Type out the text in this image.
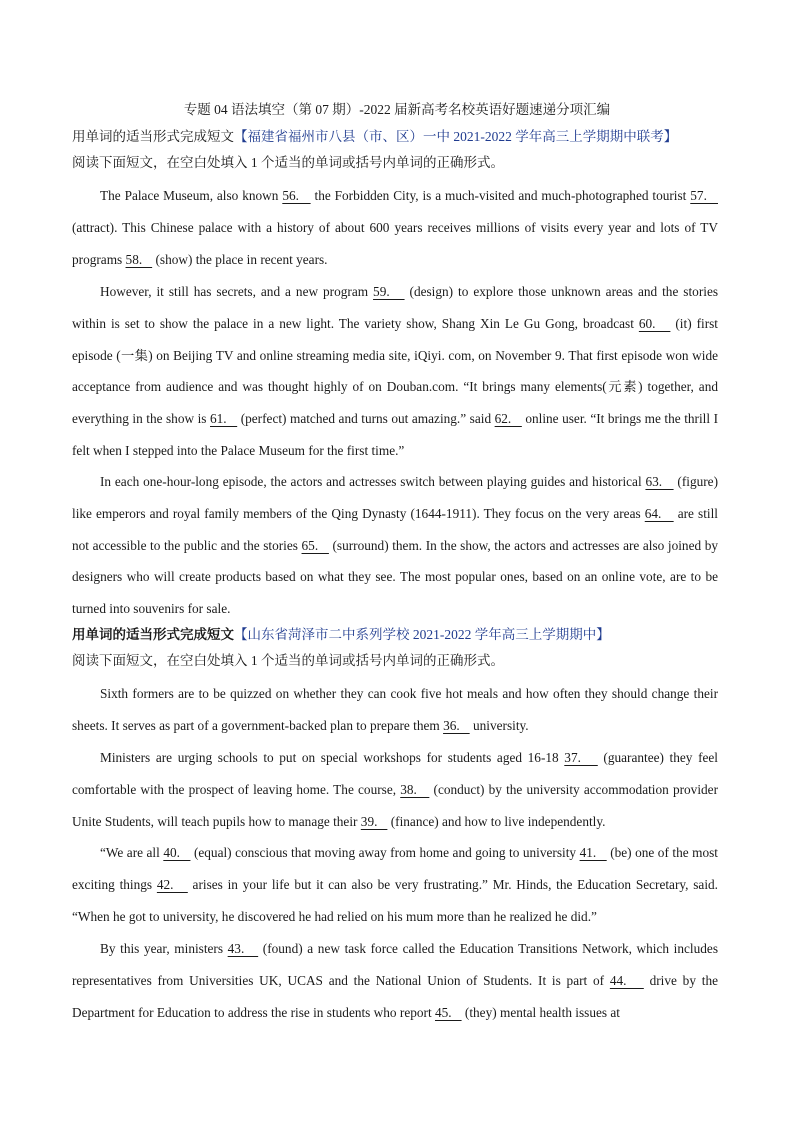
专题 04 语法填空（第 07 期）-2022 届新高考名校英语好题速递分项汇编
用单词的适当形式完成短文【福建省福州市八县（市、区）一中 2021-2022 学年高三上学期期中联考】
阅读下面短文，在空白处填入 1 个适当的单词或括号内单词的正确形式。
The Palace Museum, also known 56.    the Forbidden City, is a much-visited and much-photographed tourist 57.    (attract). This Chinese palace with a history of about 600 years receives millions of visits every year and lots of TV programs 58.    (show) the place in recent years.
However, it still has secrets, and a new program 59.    (design) to explore those unknown areas and the stories within is set to show the palace in a new light. The variety show, Shang Xin Le Gu Gong, broadcast 60.    (it) first episode (一集) on Beijing TV and online streaming media site, iQiyi. com, on November 9. That first episode won wide acceptance from audience and was thought highly of on Douban.com. “It brings many elements(元素) together, and everything in the show is 61.    (perfect) matched and turns out amazing.” said 62.    online user. “It brings me the thrill I felt when I stepped into the Palace Museum for the first time.”
In each one-hour-long episode, the actors and actresses switch between playing guides and historical 63.    (figure) like emperors and royal family members of the Qing Dynasty (1644-1911). They focus on the very areas 64.    are still not accessible to the public and the stories 65.    (surround) them. In the show, the actors and actresses are also joined by designers who will create products based on what they see. The most popular ones, based on an online vote, are to be turned into souvenirs for sale.
用单词的适当形式完成短文【山东省菏泽市二中系列学校 2021-2022 学年高三上学期期中】
阅读下面短文，在空白处填入 1 个适当的单词或括号内单词的正确形式。
Sixth formers are to be quizzed on whether they can cook five hot meals and how often they should change their sheets. It serves as part of a government-backed plan to prepare them 36.    university.
Ministers are urging schools to put on special workshops for students aged 16-18 37.    (guarantee) they feel comfortable with the prospect of leaving home. The course, 38.    (conduct) by the university accommodation provider Unite Students, will teach pupils how to manage their 39.    (finance) and how to live independently.
“We are all 40.    (equal) conscious that moving away from home and going to university 41.    (be) one of the most exciting things 42.    arises in your life but it can also be very frustrating.” Mr. Hinds, the Education Secretary, said. “When he got to university, he discovered he had relied on his mum more than he realized he did.”
By this year, ministers 43.    (found) a new task force called the Education Transitions Network, which includes representatives from Universities UK, UCAS and the National Union of Students. It is part of 44.    drive by the Department for Education to address the rise in students who report 45.    (they) mental health issues at
